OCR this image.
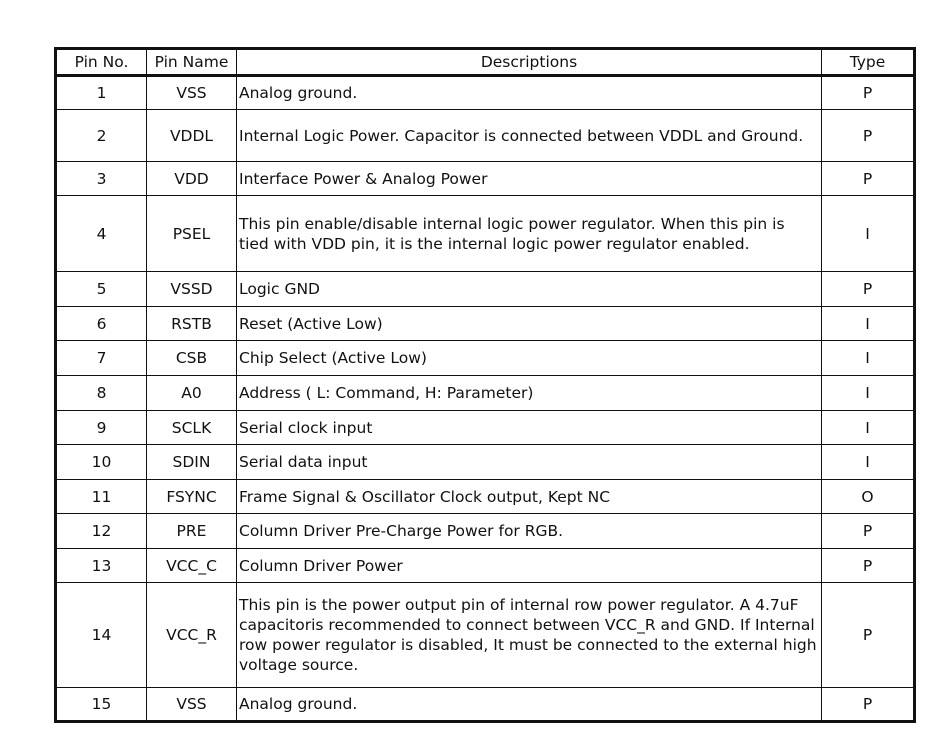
Pin No.	Pin Name	Descriptions	Type
1	VSS	Analog ground.	P
2	VDDL	Internal Logic Power. Capacitor is connected between VDDL and Ground.	P
3	VDD	Interface Power & Analog Power	P
4	PSEL	This pin enable/disable internal logic power regulator. When this pin is tied with VDD pin, it is the internal logic power regulator enabled.	I
5	VSSD	Logic GND	P
6	RSTB	Reset (Active Low)	I
7	CSB	Chip Select (Active Low)	I
8	A0	Address ( L: Command, H: Parameter)	I
9	SCLK	Serial clock input	I
10	SDIN	Serial data input	I
11	FSYNC	Frame Signal & Oscillator Clock output, Kept NC	O
12	PRE	Column Driver Pre-Charge Power for RGB.	P
13	VCC_C	Column Driver Power	P
14	VCC_R	This pin is the power output pin of internal row power regulator. A 4.7uF capacitoris recommended to connect between VCC_R and GND. If Internal row power regulator is disabled, It must be connected to the external high voltage source.	P
15	VSS	Analog ground.	P
